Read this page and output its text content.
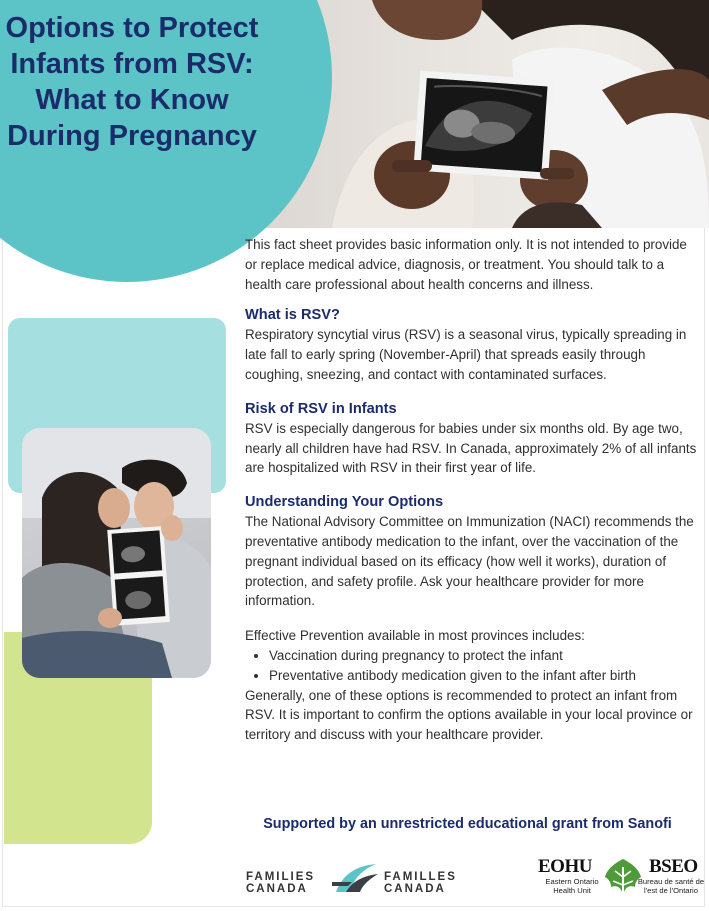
Options to Protect Infants from RSV: What to Know During Pregnancy

This fact sheet provides basic information only. It is not intended to provide or replace medical advice, diagnosis, or treatment. You should talk to a health care professional about health concerns and illness.

What is RSV?

Respiratory syncytial virus (RSV) is a seasonal virus, typically spreading in late fall to early spring (November-April) that spreads easily through coughing, sneezing, and contact with contaminated surfaces.

Risk of RSV in Infants

RSV is especially dangerous for babies under six months old. By age two, nearly all children have had RSV. In Canada, approximately 2% of all infants are hospitalized with RSV in their first year of life.

Understanding Your Options

The National Advisory Committee on Immunization (NACI) recommends the preventative antibody medication to the infant, over the vaccination of the pregnant individual based on its efficacy (how well it works), duration of protection, and safety profile. Ask your healthcare provider for more information.

Effective Prevention available in most provinces includes:

• Vaccination during pregnancy to protect the infant
• Preventative antibody medication given to the infant after birth

Generally, one of these options is recommended to protect an infant from RSV. It is important to confirm the options available in your local province or territory and discuss with your healthcare provider.

Supported by an unrestricted educational grant from Sanofi

FAMILIES
CANADA
FAMILLES
CANADA
EOHU
Eastern Ontario Health Unit
BSEO
Bureau de santé de l'est de l'Ontario
